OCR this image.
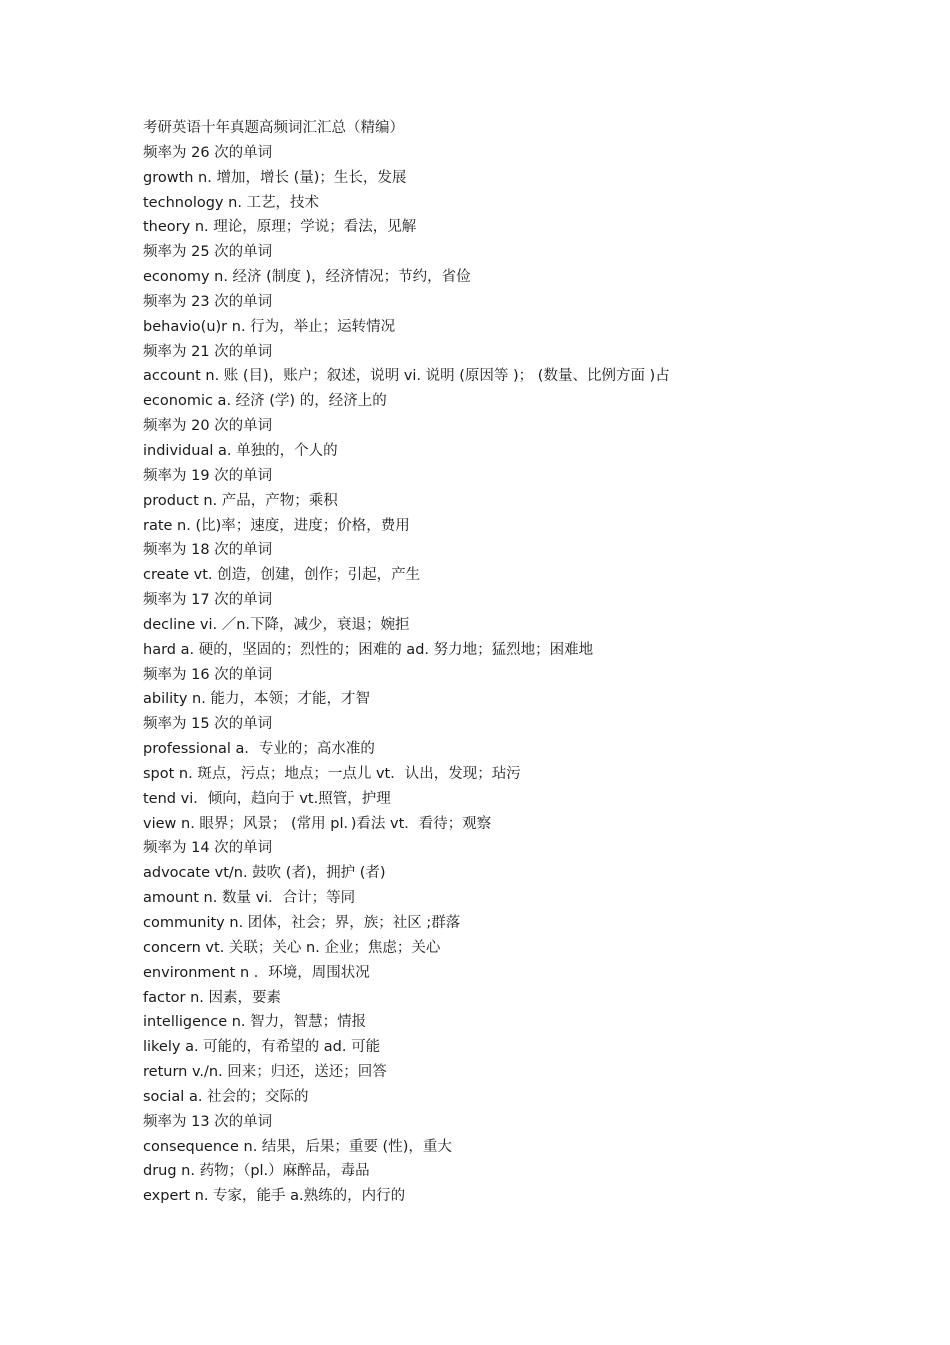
考研英语十年真题高频词汇汇总（精编）
频率为 26 次的单词
growth n. 增加，增长 (量)；生长，发展
technology n. 工艺，技术
theory n. 理论，原理；学说；看法，见解
频率为 25 次的单词
economy n. 经济 (制度 )，经济情况；节约，省俭
频率为 23 次的单词
behavio(u)r n. 行为，举止；运转情况
频率为 21 次的单词
account n. 账 (目)，账户；叙述，说明 vi. 说明 (原因等 )； (数量、比例方面 )占
economic a. 经济 (学) 的，经济上的
频率为 20 次的单词
individual a. 单独的，个人的
频率为 19 次的单词
product n. 产品，产物；乘积
rate n. (比)率；速度，进度；价格，费用
频率为 18 次的单词
create vt. 创造，创建，创作；引起，产生
频率为 17 次的单词
decline vi. ／n.下降，减少，衰退；婉拒
hard a. 硬的，坚固的；烈性的；困难的 ad. 努力地；猛烈地；困难地
频率为 16 次的单词
ability n. 能力，本领；才能，才智
频率为 15 次的单词
professional a．专业的；高水准的
spot n. 斑点，污点；地点；一点儿 vt．认出，发现；玷污
tend vi．倾向，趋向于 vt.照管，护理
view n. 眼界；风景； (常用 pl．)看法 vt．看待；观察
频率为 14 次的单词
advocate vt/n. 鼓吹 (者)，拥护 (者)
amount n. 数量 vi．合计；等同
community n. 团体，社会；界，族；社区 ;群落
concern vt. 关联；关心 n. 企业；焦虑；关心
environment n ．环境，周围状况
factor n. 因素，要素
intelligence n. 智力，智慧；情报
likely a. 可能的，有希望的 ad. 可能
return v./n. 回来；归还，送还；回答
social a. 社会的；交际的
频率为 13 次的单词
consequence n. 结果，后果；重要 (性)，重大
drug n. 药物；（pl.）麻醉品，毒品
expert n. 专家，能手 a.熟练的，内行的
